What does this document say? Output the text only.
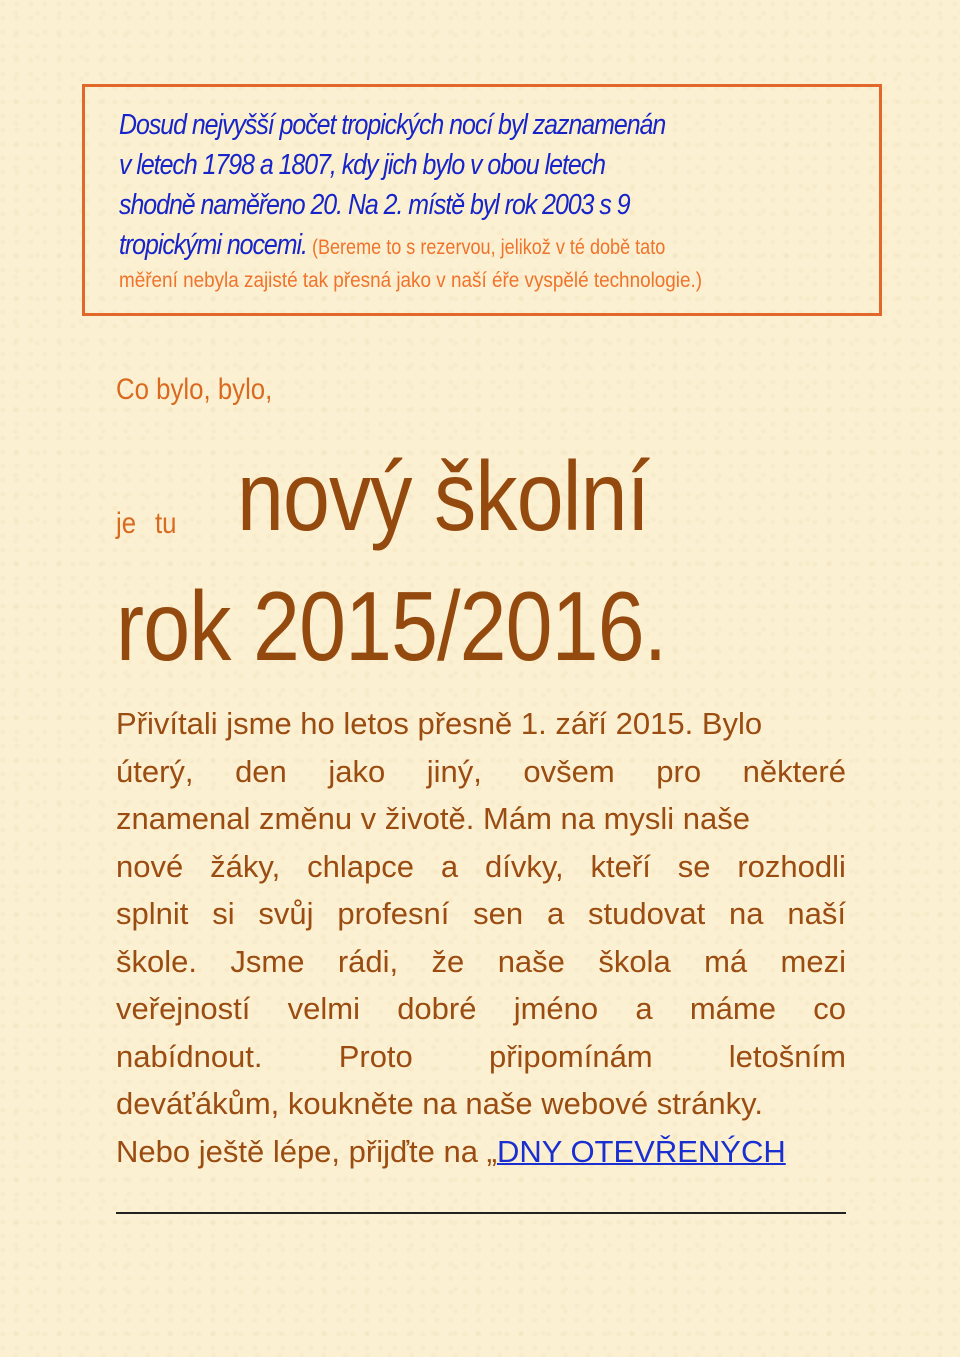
Dosud nejvyšší počet tropických nocí byl zaznamenán
v letech 1798 a 1807, kdy jich bylo v obou letech
shodně naměřeno 20. Na 2. místě byl rok 2003 s 9
tropickými nocemi. (Bereme to s rezervou, jelikož v té době tato

měření nebyla zajisté tak přesná jako v naší éře vyspělé technologie.)
Co bylo, bylo,
je tu nový školní
rok 2015/2016.
Přivítali jsme ho letos přesně 1. září 2015. Bylo
úterý, den jako jiný, ovšem pro některé
znamenal změnu v životě. Mám na mysli naše
nové žáky, chlapce a dívky, kteří se rozhodli
splnit si svůj profesní sen a studovat na naší
škole. Jsme rádi, že naše škola má mezi
veřejností velmi dobré jméno a máme co
nabídnout. Proto připomínám letošním
deváťákům, koukněte na naše webové stránky.
Nebo ještě lépe, přijďte na „ DNY OTEVŘENÝCH
